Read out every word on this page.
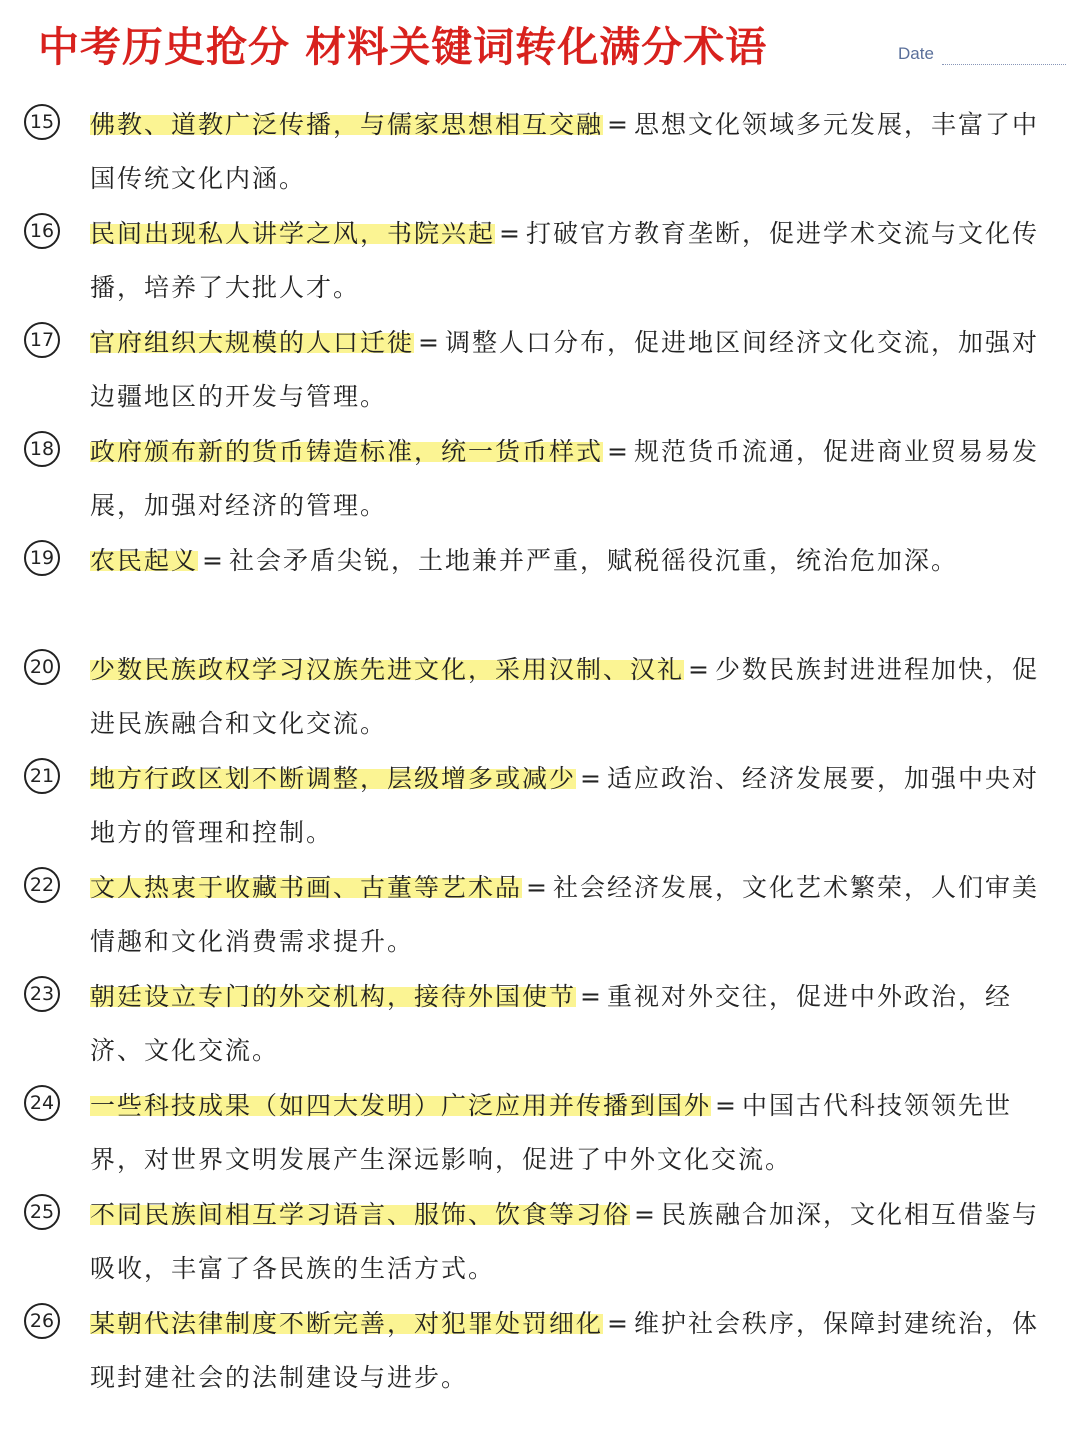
中考历史抢分 材料关键词转化满分术语	Date
15 佛教、道教广泛传播，与儒家思想相互交融 = 思想文化领域多元发展，丰富了中国传统文化内涵。
16 民间出现私人讲学之风，书院兴起 = 打破官方教育垄断，促进学术交流与文化传播，培养了大批人才。
17 官府组织大规模的人口迁徙 = 调整人口分布，促进地区间经济文化交流，加强对边疆地区的开发与管理。
18 政府颁布新的货币铸造标准，统一货币样式 = 规范货币流通，促进商业贸易易发展，加强对经济的管理。
19 农民起义 = 社会矛盾尖锐，土地兼并严重，赋税徭役沉重，统治危加深。
20 少数民族政权学习汉族先进文化，采用汉制、汉礼 = 少数民族封进进程加快，促进民族融合和文化交流。
21 地方行政区划不断调整，层级增多或减少 = 适应政治、经济发展要，加强中央对地方的管理和控制。
22 文人热衷于收藏书画、古董等艺术品 = 社会经济发展，文化艺术繁荣，人们审美情趣和文化消费需求提升。
23 朝廷设立专门的外交机构，接待外国使节 = 重视对外交往，促进中外政治，经济、文化交流。
24 一些科技成果（如四大发明）广泛应用并传播到国外 = 中国古代科技领领先世界，对世界文明发展产生深远影响，促进了中外文化交流。
25 不同民族间相互学习语言、服饰、饮食等习俗 = 民族融合加深，文化相互借鉴与吸收，丰富了各民族的生活方式。
26 某朝代法律制度不断完善，对犯罪处罚细化 = 维护社会秩序，保障封建统治，体现封建社会的法制建设与进步。
